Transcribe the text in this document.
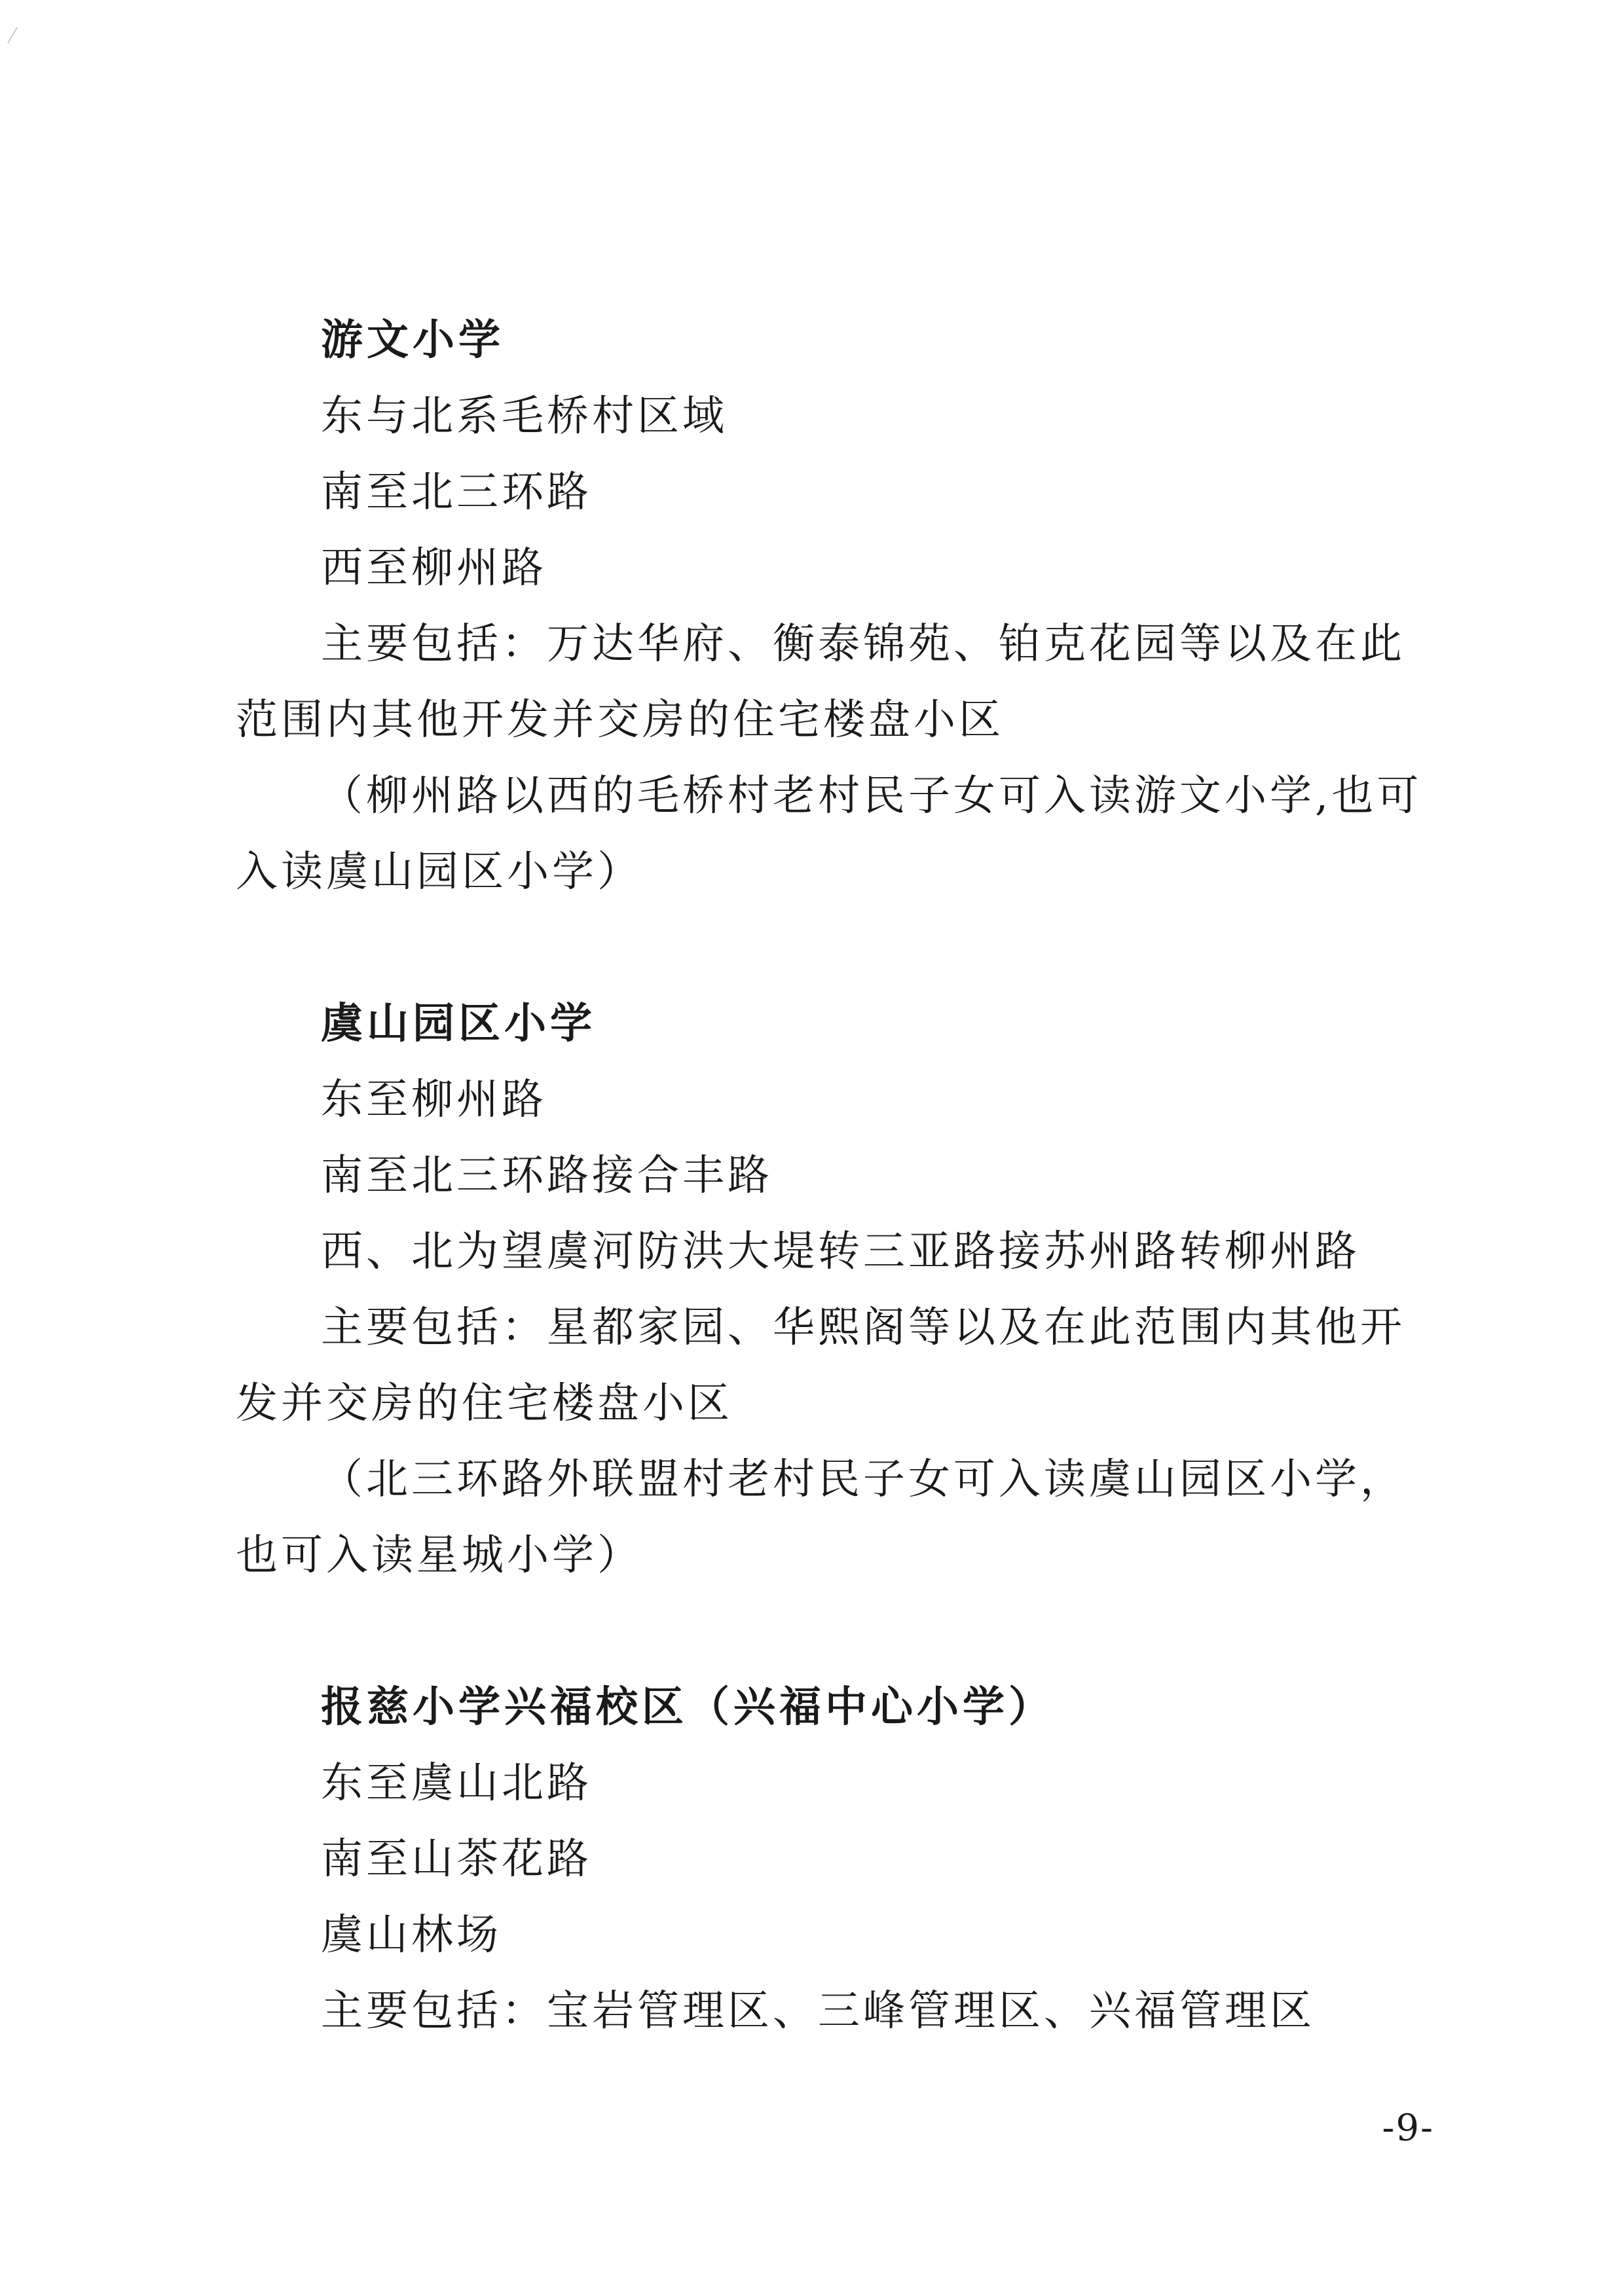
游文小学
东与北系毛桥村区域
南至北三环路
西至柳州路
主要包括：万达华府、衡泰锦苑、铂克花园等以及在此范围内其他开发并交房的住宅楼盘小区
（柳州路以西的毛桥村老村民子女可入读游文小学,也可入读虞山园区小学）
虞山园区小学
东至柳州路
南至北三环路接合丰路
西、北为望虞河防洪大堤转三亚路接苏州路转柳州路
主要包括：星都家园、华熙阁等以及在此范围内其他开发并交房的住宅楼盘小区
（北三环路外联盟村老村民子女可入读虞山园区小学，也可入读星城小学）
报慈小学兴福校区（兴福中心小学）
东至虞山北路
南至山茶花路
虞山林场
主要包括：宝岩管理区、三峰管理区、兴福管理区
-9-
